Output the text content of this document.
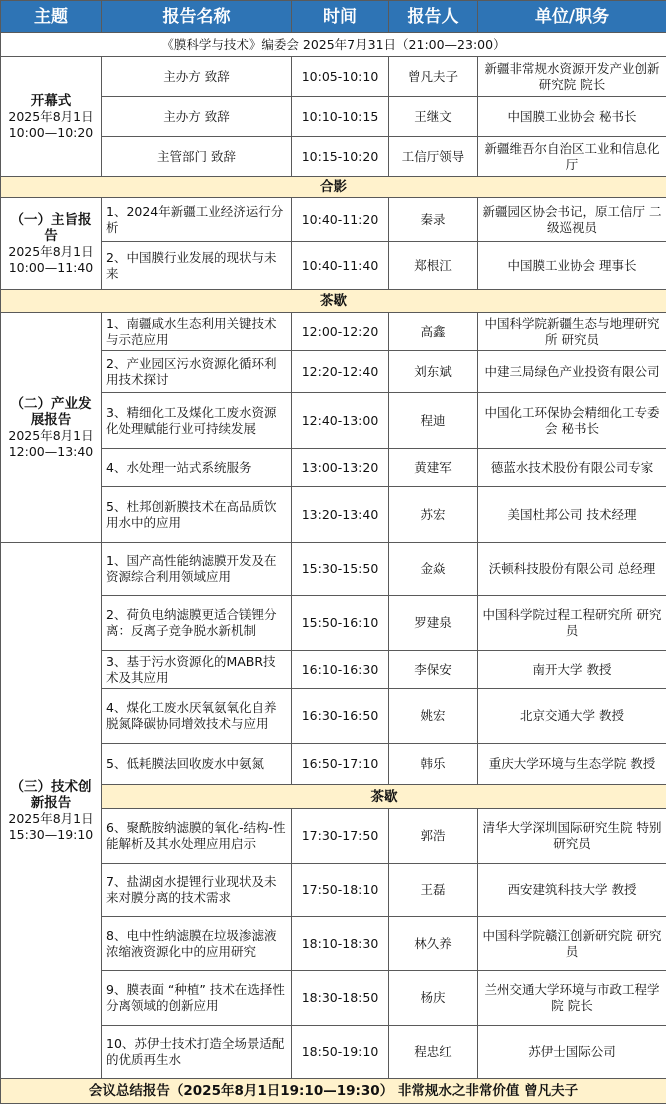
主题	报告名称	时间	报告人	单位/职务
《膜科学与技术》编委会 2025年7月31日（21:00—23:00）				

开幕式
2025年8月1日
10:00—10:20	主办方 致辞	10:05-10:10	曾凡夫子	新疆非常规水资源开发产业创新研究院 院长
	主办方 致辞	10:10-10:15	王继文	中国膜工业协会 秘书长
	主管部门 致辞	10:15-10:20	工信厅领导	新疆维吾尔自治区工业和信息化厅
合影				

（一）主旨报告
2025年8月1日
10:00—11:40	1、2024年新疆工业经济运行分析	10:40-11:20	秦录	新疆园区协会书记，原工信厅 二级巡视员
	2、中国膜行业发展的现状与未来	10:40-11:40	郑根江	中国膜工业协会 理事长
茶歇				

（二）产业发展报告
2025年8月1日
12:00—13:40	1、南疆咸水生态利用关键技术与示范应用	12:00-12:20	高鑫	中国科学院新疆生态与地理研究所 研究员
	2、产业园区污水资源化循环利用技术探讨	12:20-12:40	刘东斌	中建三局绿色产业投资有限公司
	3、精细化工及煤化工废水资源化处理赋能行业可持续发展	12:40-13:00	程迪	中国化工环保协会精细化工专委会 秘书长
	4、水处理一站式系统服务	13:00-13:20	黄建军	德蓝水技术股份有限公司专家
	5、杜邦创新膜技术在高品质饮用水中的应用	13:20-13:40	苏宏	美国杜邦公司 技术经理

（三）技术创新报告
2025年8月1日
15:30—19:10	1、国产高性能纳滤膜开发及在资源综合利用领域应用	15:30-15:50	金焱	沃顿科技股份有限公司 总经理
	2、荷负电纳滤膜更适合镁锂分离：反离子竞争脱水新机制	15:50-16:10	罗建泉	中国科学院过程工程研究所 研究员
	3、基于污水资源化的MABR技术及其应用	16:10-16:30	李保安	南开大学 教授
	4、煤化工废水厌氧氨氧化自养脱氮降碳协同增效技术与应用	16:30-16:50	姚宏	北京交通大学 教授
	5、低耗膜法回收废水中氨氮	16:50-17:10	韩乐	重庆大学环境与生态学院 教授
	茶歇			
	6、聚酰胺纳滤膜的氧化-结构-性能解析及其水处理应用启示	17:30-17:50	郭浩	清华大学深圳国际研究生院 特别研究员
	7、盐湖卤水提锂行业现状及未来对膜分离的技术需求	17:50-18:10	王磊	西安建筑科技大学 教授
	8、电中性纳滤膜在垃圾渗滤液浓缩液资源化中的应用研究	18:10-18:30	林久养	中国科学院赣江创新研究院 研究员
	9、膜表面 “种植” 技术在选择性分离领域的创新应用	18:30-18:50	杨庆	兰州交通大学环境与市政工程学院 院长
	10、苏伊士技术打造全场景适配的优质再生水	18:50-19:10	程忠红	苏伊士国际公司
会议总结报告（2025年8月1日19:10—19:30） 非常规水之非常价值 曾凡夫子				
